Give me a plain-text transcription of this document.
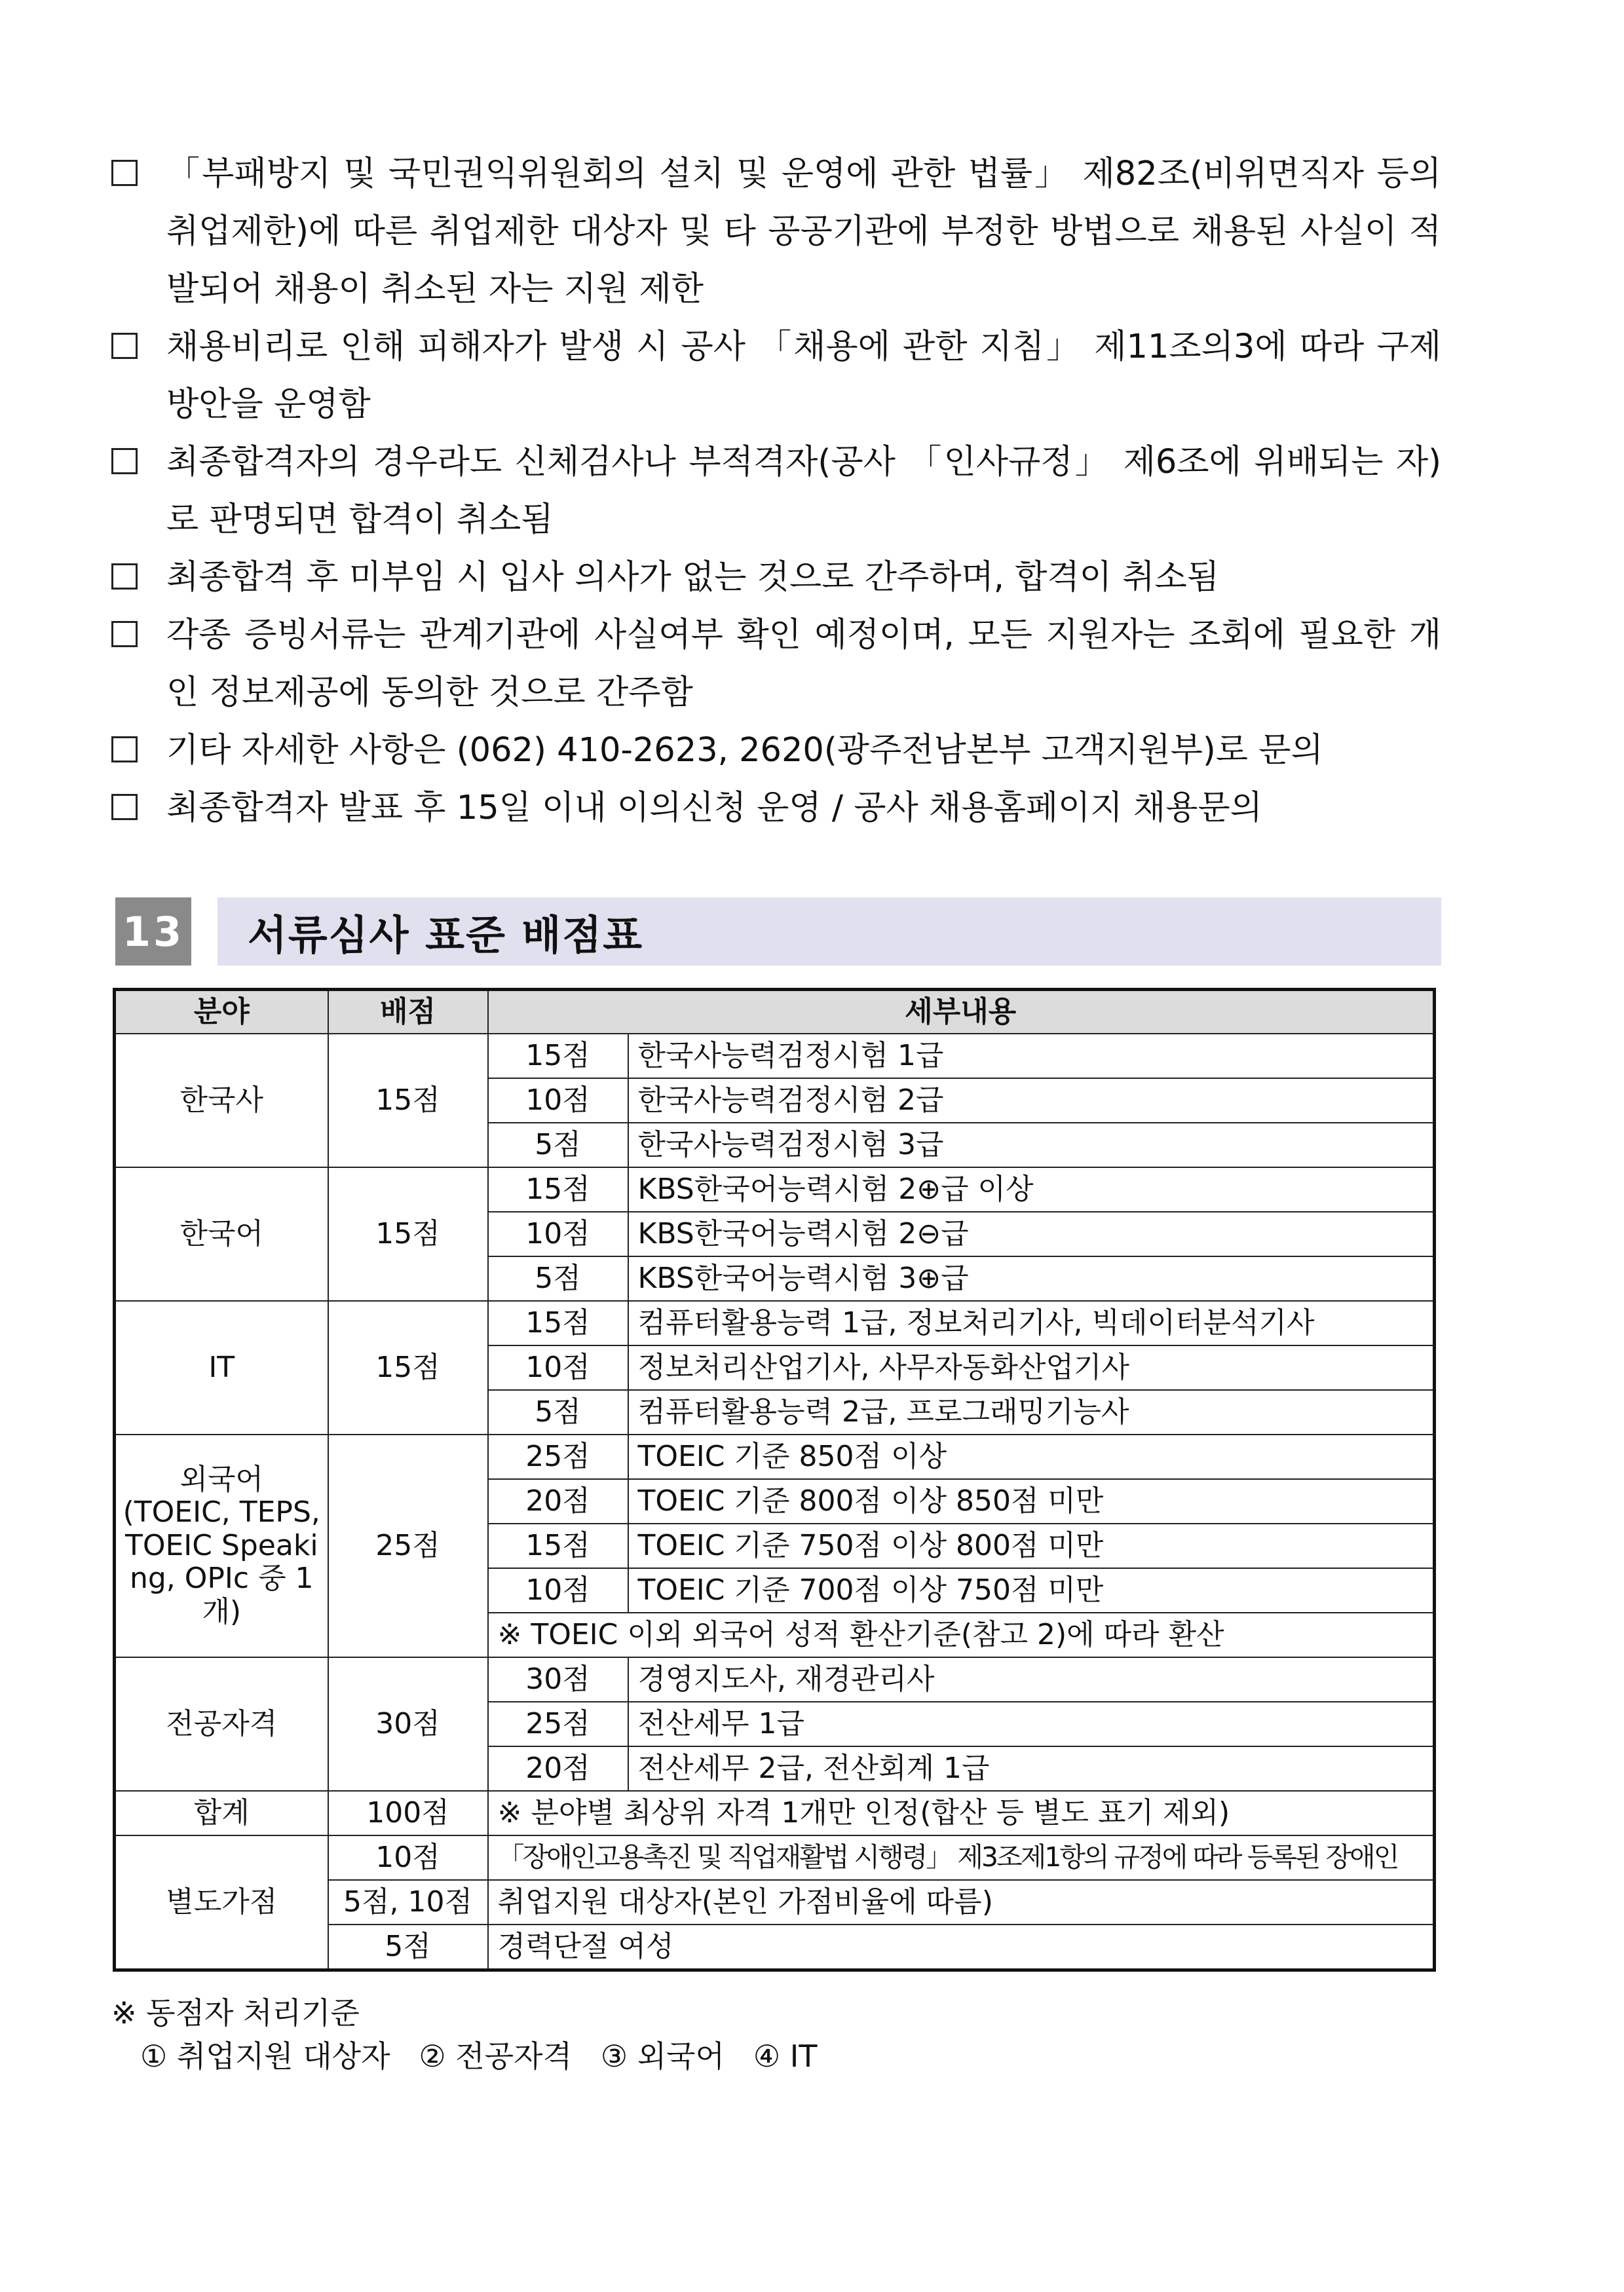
「부패방지 및 국민권익위원회의 설치 및 운영에 관한 법률」 제82조(비위면직자 등의 취업제한)에 따른 취업제한 대상자 및 타 공공기관에 부정한 방법으로 채용된 사실이 적발되어 채용이 취소된 자는 지원 제한
채용비리로 인해 피해자가 발생 시 공사 「채용에 관한 지침」 제11조의3에 따라 구제방안을 운영함
최종합격자의 경우라도 신체검사나 부적격자(공사 「인사규정」 제6조에 위배되는 자)로 판명되면 합격이 취소됨
최종합격 후 미부임 시 입사 의사가 없는 것으로 간주하며, 합격이 취소됨
각종 증빙서류는 관계기관에 사실여부 확인 예정이며, 모든 지원자는 조회에 필요한 개인 정보제공에 동의한 것으로 간주함
기타 자세한 사항은 (062) 410-2623, 2620(광주전남본부 고객지원부)로 문의
최종합격자 발표 후 15일 이내 이의신청 운영 / 공사 채용홈페이지 채용문의
13 서류심사 표준 배점표
분야	배점	세부내용	
한국사	15점	15점	한국사능력검정시험 1급
		10점	한국사능력검정시험 2급
		5점	한국사능력검정시험 3급
한국어	15점	15점	KBS한국어능력시험 2⊕급 이상
		10점	KBS한국어능력시험 2⊖급
		5점	KBS한국어능력시험 3⊕급
IT	15점	15점	컴퓨터활용능력 1급, 정보처리기사, 빅데이터분석기사
		10점	정보처리산업기사, 사무자동화산업기사
		5점	컴퓨터활용능력 2급, 프로그래밍기능사
외국어
(TOEIC, TEPS,
TOEIC Speaki
ng, OPIc 중 1
개)	25점	25점	TOEIC 기준 850점 이상
		20점	TOEIC 기준 800점 이상 850점 미만
		15점	TOEIC 기준 750점 이상 800점 미만
		10점	TOEIC 기준 700점 이상 750점 미만
		※ TOEIC 이외 외국어 성적 환산기준(참고 2)에 따라 환산	
전공자격	30점	30점	경영지도사, 재경관리사
		25점	전산세무 1급
		20점	전산세무 2급, 전산회계 1급
합계	100점	※ 분야별 최상위 자격 1개만 인정(합산 등 별도 표기 제외)	
별도가점	10점	「장애인고용촉진 및 직업재활법 시행령」 제3조제1항의 규정에 따라 등록된 장애인	
	5점, 10점	취업지원 대상자(본인 가점비율에 따름)	
	5점	경력단절 여성	
※ 동점자 처리기준
① 취업지원 대상자   ② 전공자격   ③ 외국어   ④ IT
